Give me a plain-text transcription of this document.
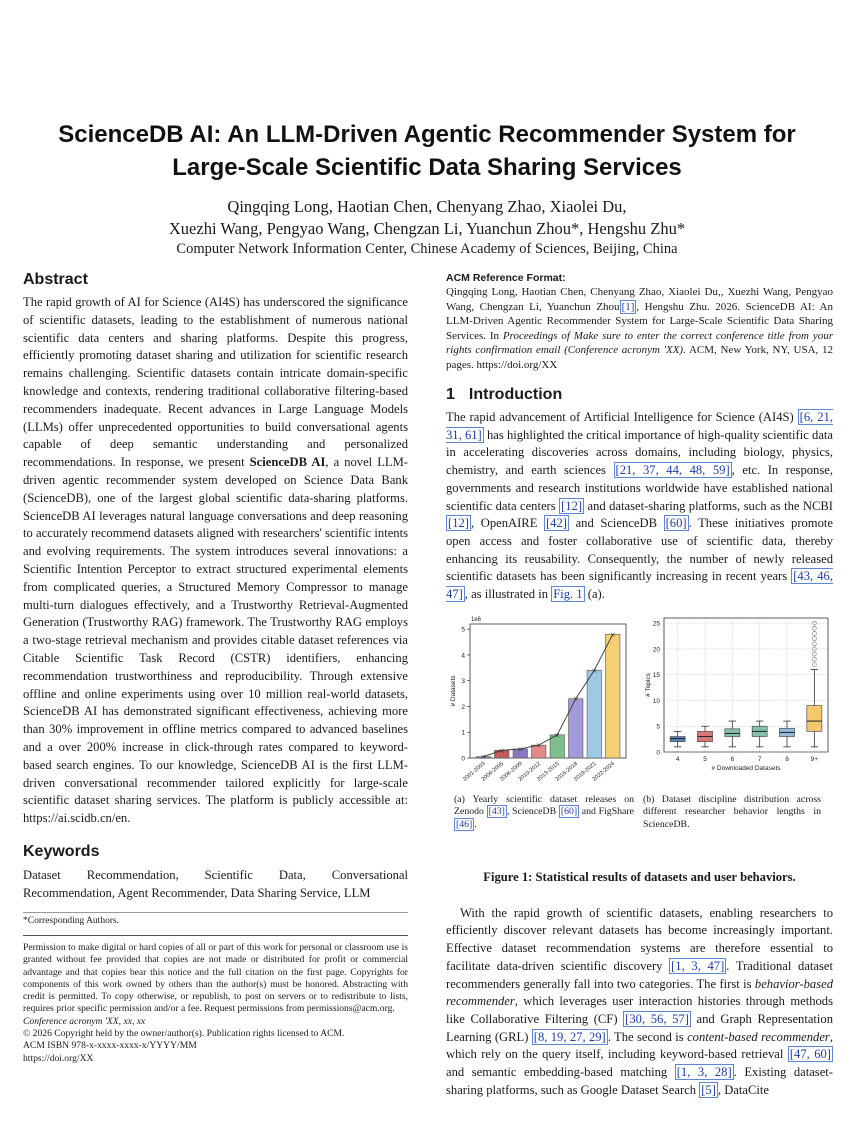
ScienceDB AI: An LLM-Driven Agentic Recommender System for
Large-Scale Scientific Data Sharing Services
Qingqing Long, Haotian Chen, Chenyang Zhao, Xiaolei Du,
Xuezhi Wang, Pengyao Wang, Chengzan Li, Yuanchun Zhou*, Hengshu Zhu*
Computer Network Information Center, Chinese Academy of Sciences, Beijing, China
Abstract

The rapid growth of AI for Science (AI4S) has underscored the significance of scientific datasets, leading to the establishment of numerous national scientific data centers and sharing platforms. Despite this progress, efficiently promoting dataset sharing and utilization for scientific research remains challenging. Scientific datasets contain intricate domain-specific knowledge and contexts, rendering traditional collaborative filtering-based recommenders inadequate. Recent advances in Large Language Models (LLMs) offer unprecedented opportunities to build conversational agents capable of deep semantic understanding and personalized recommendations. In response, we present ScienceDB AI, a novel LLM-driven agentic recommender system developed on Science Data Bank (ScienceDB), one of the largest global scientific data-sharing platforms. ScienceDB AI leverages natural language conversations and deep reasoning to accurately recommend datasets aligned with researchers' scientific intents and evolving requirements. The system introduces several innovations: a Scientific Intention Perceptor to extract structured experimental elements from complicated queries, a Structured Memory Compressor to manage multi-turn dialogues effectively, and a Trustworthy Retrieval-Augmented Generation (Trustworthy RAG) framework. The Trustworthy RAG employs a two-stage retrieval mechanism and provides citable dataset references via Citable Scientific Task Record (CSTR) identifiers, enhancing recommendation trustworthiness and reproducibility. Through extensive offline and online experiments using over 10 million real-world datasets, ScienceDB AI has demonstrated significant effectiveness, achieving more than 30% improvement in offline metrics compared to advanced baselines and a over 200% increase in click-through rates compared to keyword-based search engines. To our knowledge, ScienceDB AI is the first LLM-driven conversational recommender tailored explicitly for large-scale scientific dataset sharing services. The platform is publicly accessible at: https://ai.scidb.cn/en.

Keywords

Dataset Recommendation, Scientific Data, Conversational Recommendation, Agent Recommender, Data Sharing Service, LLM

*Corresponding Authors.

Permission to make digital or hard copies of all or part of this work for personal or classroom use is granted without fee provided that copies are not made or distributed for profit or commercial advantage and that copies bear this notice and the full citation on the first page. Copyrights for components of this work owned by others than the author(s) must be honored. Abstracting with credit is permitted. To copy otherwise, or republish, to post on servers or to redistribute to lists, requires prior specific permission and/or a fee. Request permissions from permissions@acm.org.

Conference acronym 'XX, xx, xx

© 2026 Copyright held by the owner/author(s). Publication rights licensed to ACM.

ACM ISBN 978-x-xxxx-xxxx-x/YYYY/MM

https://doi.org/XX

ACM Reference Format:

Qingqing Long, Haotian Chen, Chenyang Zhao, Xiaolei Du,, Xuezhi Wang, Pengyao Wang, Chengzan Li, Yuanchun Zhou [1] , Hengshu Zhu. 2026. ScienceDB AI: An LLM-Driven Agentic Recommender System for Large-Scale Scientific Data Sharing Services. In Proceedings of Make sure to enter the correct conference title from your rights confirmation email (Conference acronym 'XX). ACM, New York, NY, USA, 12 pages. https://doi.org/XX

1 Introduction

The rapid advancement of Artificial Intelligence for Science (AI4S) [6, 21, 31, 61] has highlighted the critical importance of high-quality scientific data in accelerating discoveries across domains, including biology, physics, chemistry, and earth sciences [21, 37, 44, 48, 59] , etc. In response, governments and research institutions worldwide have established national scientific data centers [12] and dataset-sharing platforms, such as the NCBI [12] , OpenAIRE [42] and ScienceDB [60] . These initiatives promote open access and foster collaborative use of scientific data, thereby enhancing its reusability. Consequently, the number of newly released scientific datasets has been significantly increasing in recent years [43, 46, 47] , as illustrated in Fig. 1 (a).

0
1
2
3
4
5
1e6
# Datasets
2001-2003
2004-2005
2006-2009
2010-2012
2013-2015
2016-2018
2019-2021
2022-2024
×
× × ×
×
×
×
×
0
5
10
15
20
25
# Topics
4	5	6	7	8	9+
# Downloaded Datasets

(a) Yearly scientific dataset releases on Zenodo [43] , ScienceDB [60] and FigShare [46] .

(b) Dataset discipline distribution across different researcher behavior lengths in ScienceDB.

Figure 1: Statistical results of datasets and user behaviors.

With the rapid growth of scientific datasets, enabling researchers to efficiently discover relevant datasets has become increasingly important. Effective dataset recommendation systems are therefore essential to facilitate data-driven scientific discovery [1, 3, 47] . Traditional dataset recommenders generally fall into two categories. The first is behavior-based recommender, which leverages user interaction histories through methods like Collaborative Filtering (CF) [30, 56, 57] and Graph Representation Learning (GRL) [8, 19, 27, 29] . The second is content-based recommender, which rely on the query itself, including keyword-based retrieval [47, 60] and semantic embedding-based matching [1, 3, 28] . Existing dataset-sharing platforms, such as Google Dataset Search [5] , DataCite
